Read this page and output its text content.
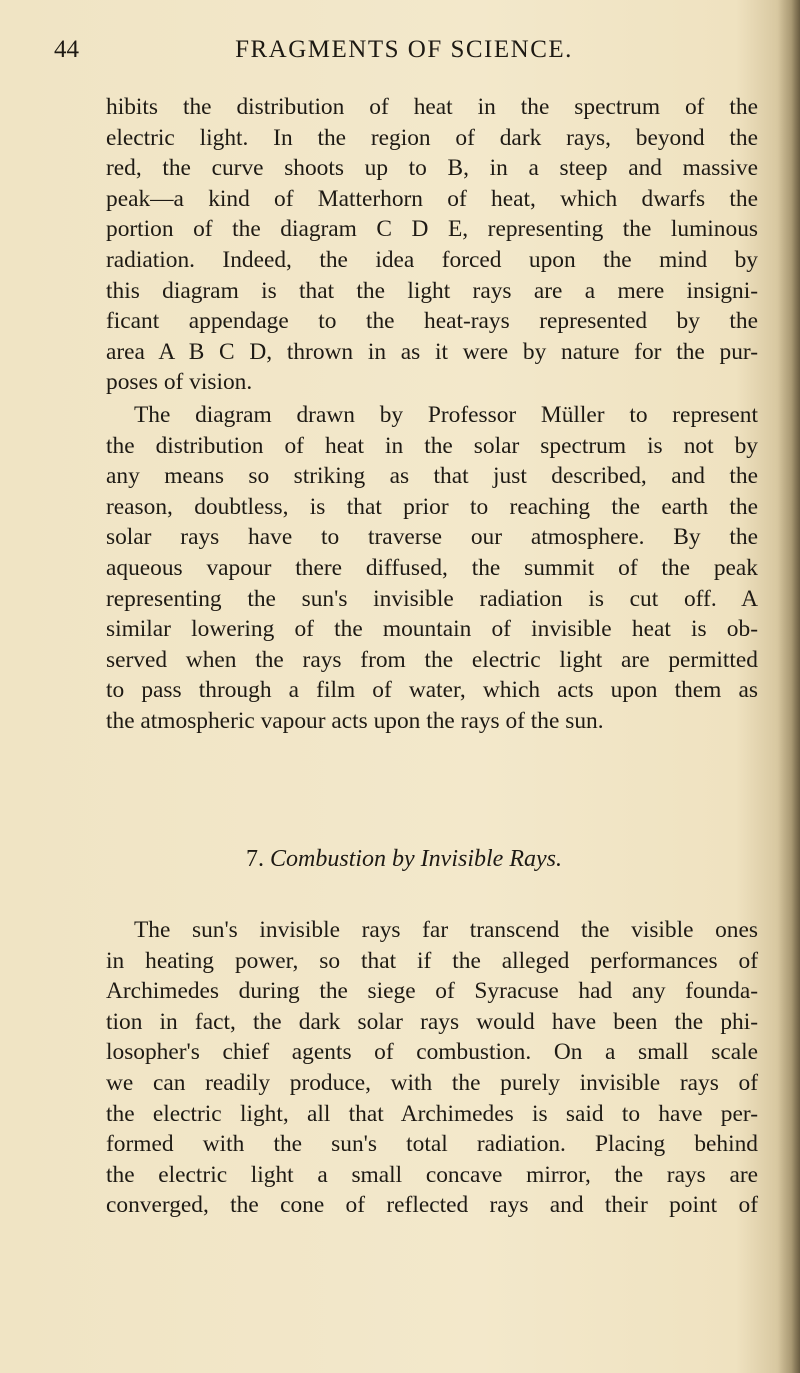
44	FRAGMENTS OF SCIENCE.
hibits the distribution of heat in the spectrum of the
electric light. In the region of dark rays, beyond the
red, the curve shoots up to B, in a steep and massive
peak—a kind of Matterhorn of heat, which dwarfs the
portion of the diagram C D E, representing the luminous
radiation. Indeed, the idea forced upon the mind by
this diagram is that the light rays are a mere insigni-
ficant appendage to the heat-rays represented by the
area A B C D, thrown in as it were by nature for the pur-
poses of vision.
The diagram drawn by Professor Müller to represent
the distribution of heat in the solar spectrum is not by
any means so striking as that just described, and the
reason, doubtless, is that prior to reaching the earth the
solar rays have to traverse our atmosphere. By the
aqueous vapour there diffused, the summit of the peak
representing the sun's invisible radiation is cut off. A
similar lowering of the mountain of invisible heat is ob-
served when the rays from the electric light are permitted
to pass through a film of water, which acts upon them as
the atmospheric vapour acts upon the rays of the sun.
7. Combustion by Invisible Rays.
The sun's invisible rays far transcend the visible ones
in heating power, so that if the alleged performances of
Archimedes during the siege of Syracuse had any founda-
tion in fact, the dark solar rays would have been the phi-
losopher's chief agents of combustion. On a small scale
we can readily produce, with the purely invisible rays of
the electric light, all that Archimedes is said to have per-
formed with the sun's total radiation. Placing behind
the electric light a small concave mirror, the rays are
converged, the cone of reflected rays and their point of
